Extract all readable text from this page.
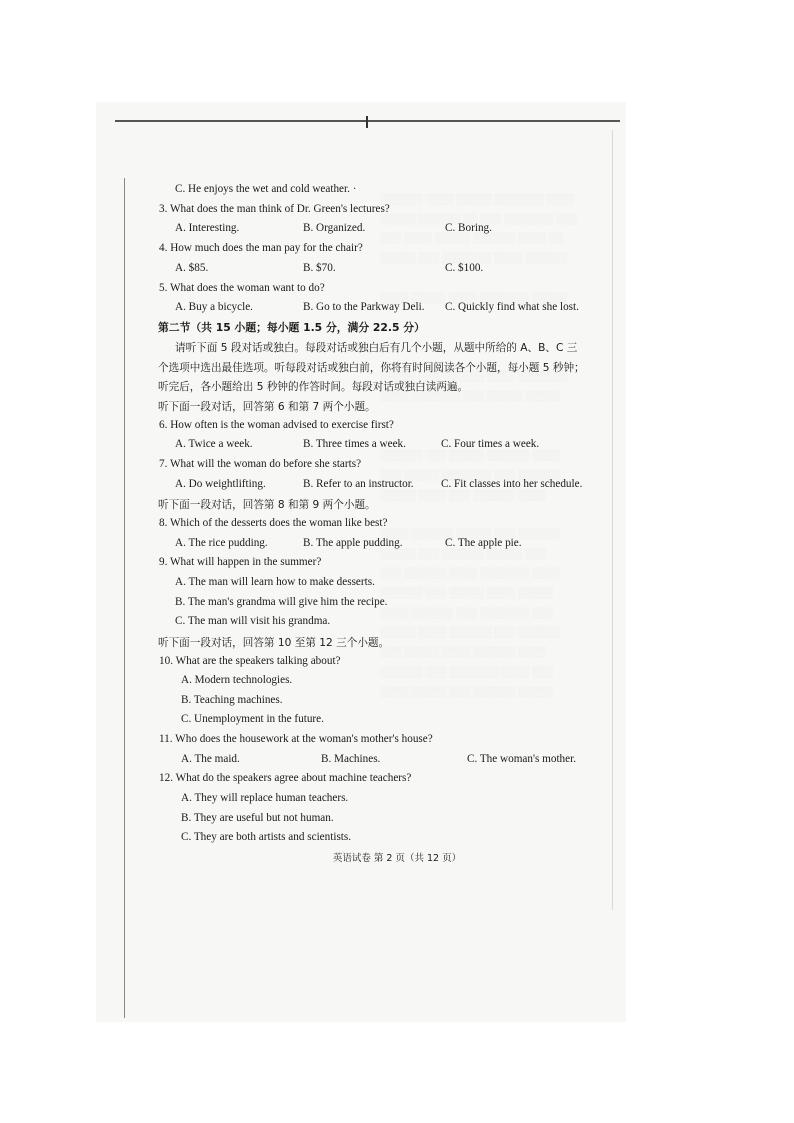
░░░░░░ ░░░░ ░░░░░ ░░░░░░░ ░░░░
░░░░░ ░░░░░░ ░░ ░░░ ░░░░░░░ ░░░
░░░ ░░░░ ░░░░░ ░░░░░░ ░░░░ ░░
░░░░░ ░░░ ░░░░░░░ ░░░░ ░░░░░░

░░░░ ░░░░░ ░░░░ ░░░░░░░ ░░░░░

░░░░░ ░░░ ░░░░░░ ░░░░ ░░░░░░░
░░░░ ░░░░░░░ ░░░ ░░░░░ ░░░░░

░░░░░░ ░░░ ░░░░░ ░░░░░░ ░░░░
░░░ ░░░░░ ░░░░░░░ ░░░ ░░░░░░
░░░░░ ░░░░ ░░░ ░░░░░░ ░░░░

░░░░ ░░░░░░ ░░░░░ ░░░ ░░░░░░
░░░░░ ░░░ ░░░░░░ ░░░░░ ░░░
░░░ ░░░░░░ ░░░░ ░░░░░░░ ░░░░
░░░░░░ ░░░ ░░░░░ ░░░░ ░░░░░
░░░░ ░░░░░░ ░░░ ░░░░░░░ ░░░
░░░░░ ░░░░ ░░░░░░ ░░░ ░░░░░░
░░░ ░░░░░ ░░░░ ░░░░░░ ░░░░
░░░░░░ ░░░ ░░░░░░░ ░░░░ ░░░
░░░░ ░░░░░ ░░░ ░░░░░░ ░░░░░
C. He enjoys the wet and cold weather. ·
3. What does the man think of Dr. Green's lectures?
A. Interesting.	B. Organized.	C. Boring.
4. How much does the man pay for the chair?
A. $85.	B. $70.	C. $100.
5. What does the woman want to do?
A. Buy a bicycle.	B. Go to the Parkway Deli. C. Quickly find what she lost.
第二节（共 15 小题；每小题 1.5 分，满分 22.5 分）
请听下面 5 段对话或独白。每段对话或独白后有几个小题，从题中所给的 A、B、C 三
个选项中选出最佳选项。听每段对话或独白前，你将有时间阅读各个小题，每小题 5 秒钟；
听完后，各小题给出 5 秒钟的作答时间。每段对话或独白读两遍。
听下面一段对话，回答第 6 和第 7 两个小题。
6. How often is the woman advised to exercise first?
A. Twice a week.	B. Three times a week.	C. Four times a week.
7. What will the woman do before she starts?
A. Do weightlifting.	B. Refer to an instructor. C. Fit classes into her schedule.
听下面一段对话，回答第 8 和第 9 两个小题。
8. Which of the desserts does the woman like best?
A. The rice pudding.	B. The apple pudding.	C. The apple pie.
9. What will happen in the summer?
A. The man will learn how to make desserts.
B. The man's grandma will give him the recipe.
C. The man will visit his grandma.
听下面一段对话，回答第 10 至第 12 三个小题。
10. What are the speakers talking about?
A. Modern technologies.
B. Teaching machines.
C. Unemployment in the future.
11. Who does the housework at the woman's mother's house?
A. The maid.	B. Machines.	C. The woman's mother.
12. What do the speakers agree about machine teachers?
A. They will replace human teachers.
B. They are useful but not human.
C. They are both artists and scientists.
英语试卷 第 2 页（共 12 页）
